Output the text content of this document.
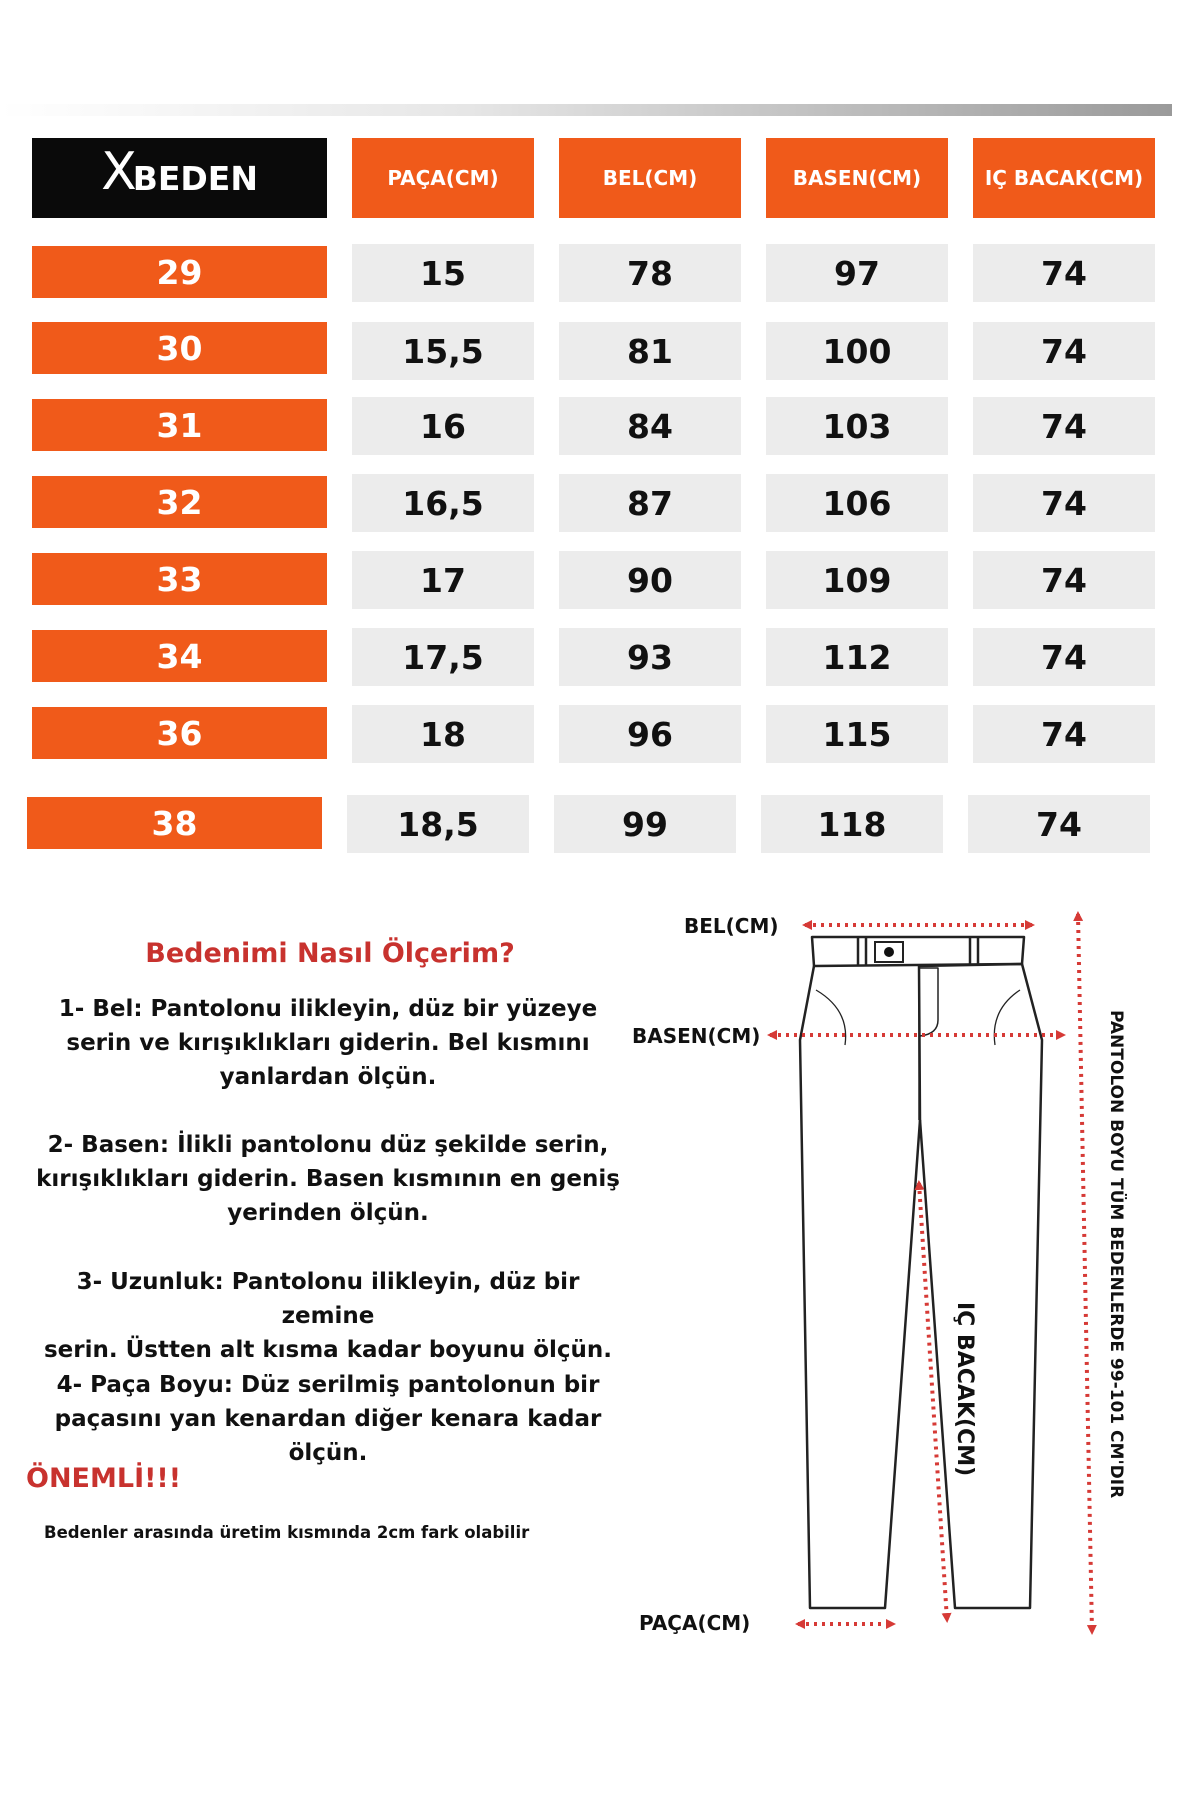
X
BEDEN	PAÇA(CM)	BEL(CM)	BASEN(CM)	IÇ BACAK(CM)
29	15	78	97	74
30	15,5	81	100	74
31	16	84	103	74
32	16,5	87	106	74
33	17	90	109	74
34	17,5	93	112	74
36	18	96	115	74
38	18,5	99	118	74
Bedenimi Nasıl Ölçerim?
1- Bel: Pantolonu ilikleyin, düz bir yüzeye
serin ve kırışıklıkları giderin. Bel kısmını
yanlardan ölçün.
2- Basen: İlikli pantolonu düz şekilde serin,
kırışıklıkları giderin. Basen kısmının en geniş
yerinden ölçün.
3- Uzunluk: Pantolonu ilikleyin, düz bir zemine
serin. Üstten alt kısma kadar boyunu ölçün.
4- Paça Boyu: Düz serilmiş pantolonun bir
paçasını yan kenardan diğer kenara kadar
ölçün.
ÖNEMLİ!!!
Bedenler arasında üretim kısmında 2cm fark olabilir
BEL(CM)
BASEN(CM)
PAÇA(CM)
IÇ BACAK(CM)	PANTOLON BOYU TÜM BEDENLERDE 99-101 CM'DIR
